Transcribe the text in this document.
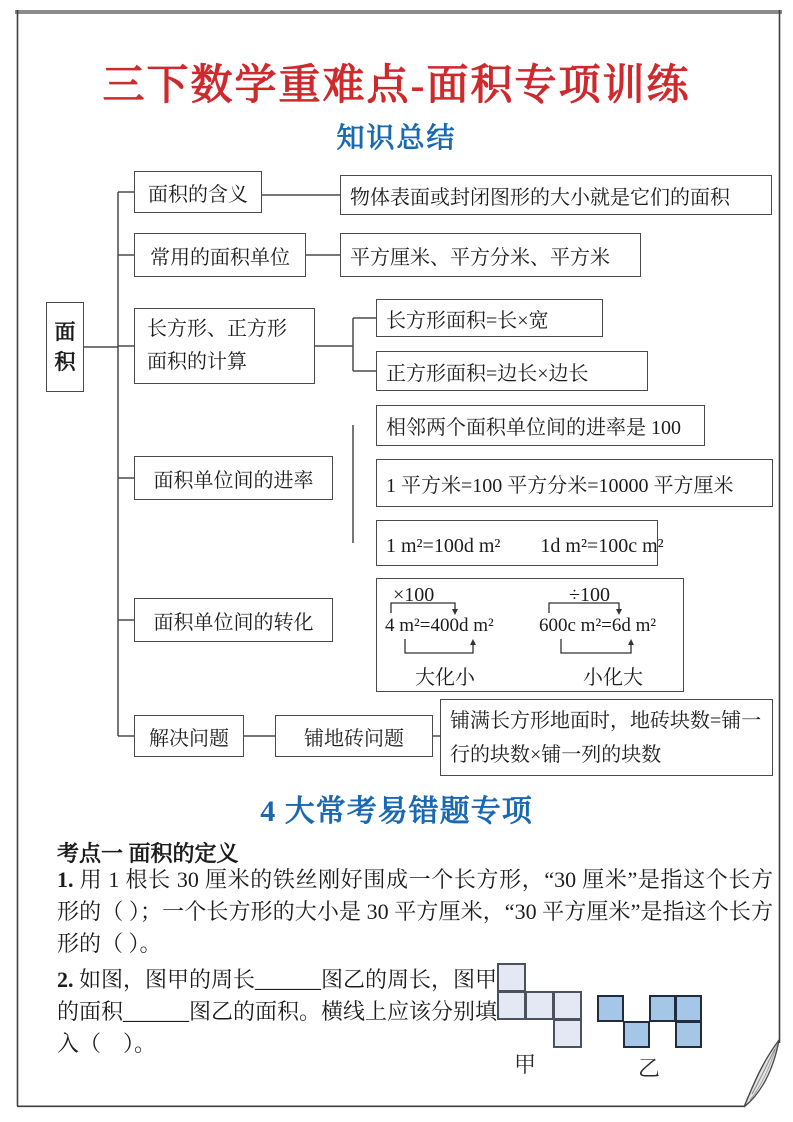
三下数学重难点-面积专项训练
知识总结
面
积
面积的含义	物体表面或封闭图形的大小就是它们的面积
常用的面积单位	平方厘米、平方分米、平方米
长方形、正方形
面积的计算
长方形面积=长×宽
正方形面积=边长×边长
面积单位间的进率
相邻两个面积单位间的进率是 100
1 平方米=100 平方分米=10000 平方厘米
1 m²=100d m²　　1d m²=100c m²
面积单位间的转化
×100	÷100
4 m²=400d m² 600c m²=6d m²
大化小	小化大
解决问题	铺地砖问题
铺满长方形地面时，地砖块数=铺一行的块数×铺一列的块数
4 大常考易错题专项
考点一 面积的定义
1. 用 1 根长 30 厘米的铁丝刚好围成一个长方形，“30 厘米”是指这个长方形的（ ）；一个长方形的大小是 30 平方厘米，“30 平方厘米”是指这个长方形的（ ）。
2. 如图，图甲的周长______图乙的周长，图甲的面积______图乙的面积。横线上应该分别填入（　）。
甲	乙
